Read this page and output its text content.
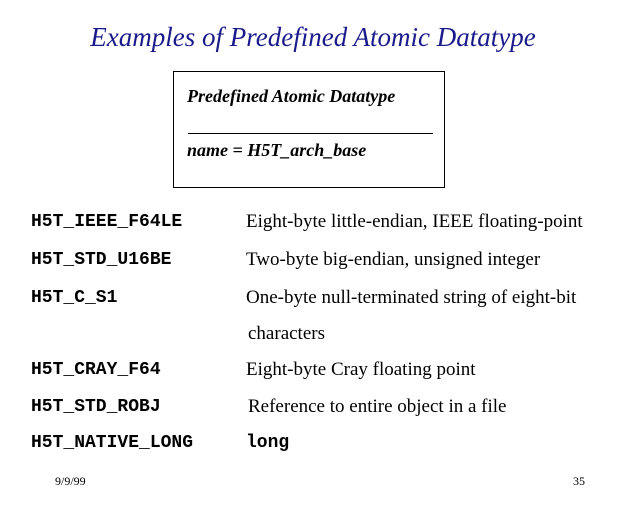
Examples of Predefined Atomic Datatype
Predefined Atomic Datatype
name = H5T_arch_base
H5T_IEEE_F64LE	Eight-byte little-endian, IEEE floating-point
H5T_STD_U16BE	Two-byte big-endian, unsigned integer
H5T_C_S1	One-byte null-terminated string of eight-bit
characters
H5T_CRAY_F64	Eight-byte Cray floating point
H5T_STD_ROBJ	Reference to entire object in a file
H5T_NATIVE_LONG	long
9/9/99	35
